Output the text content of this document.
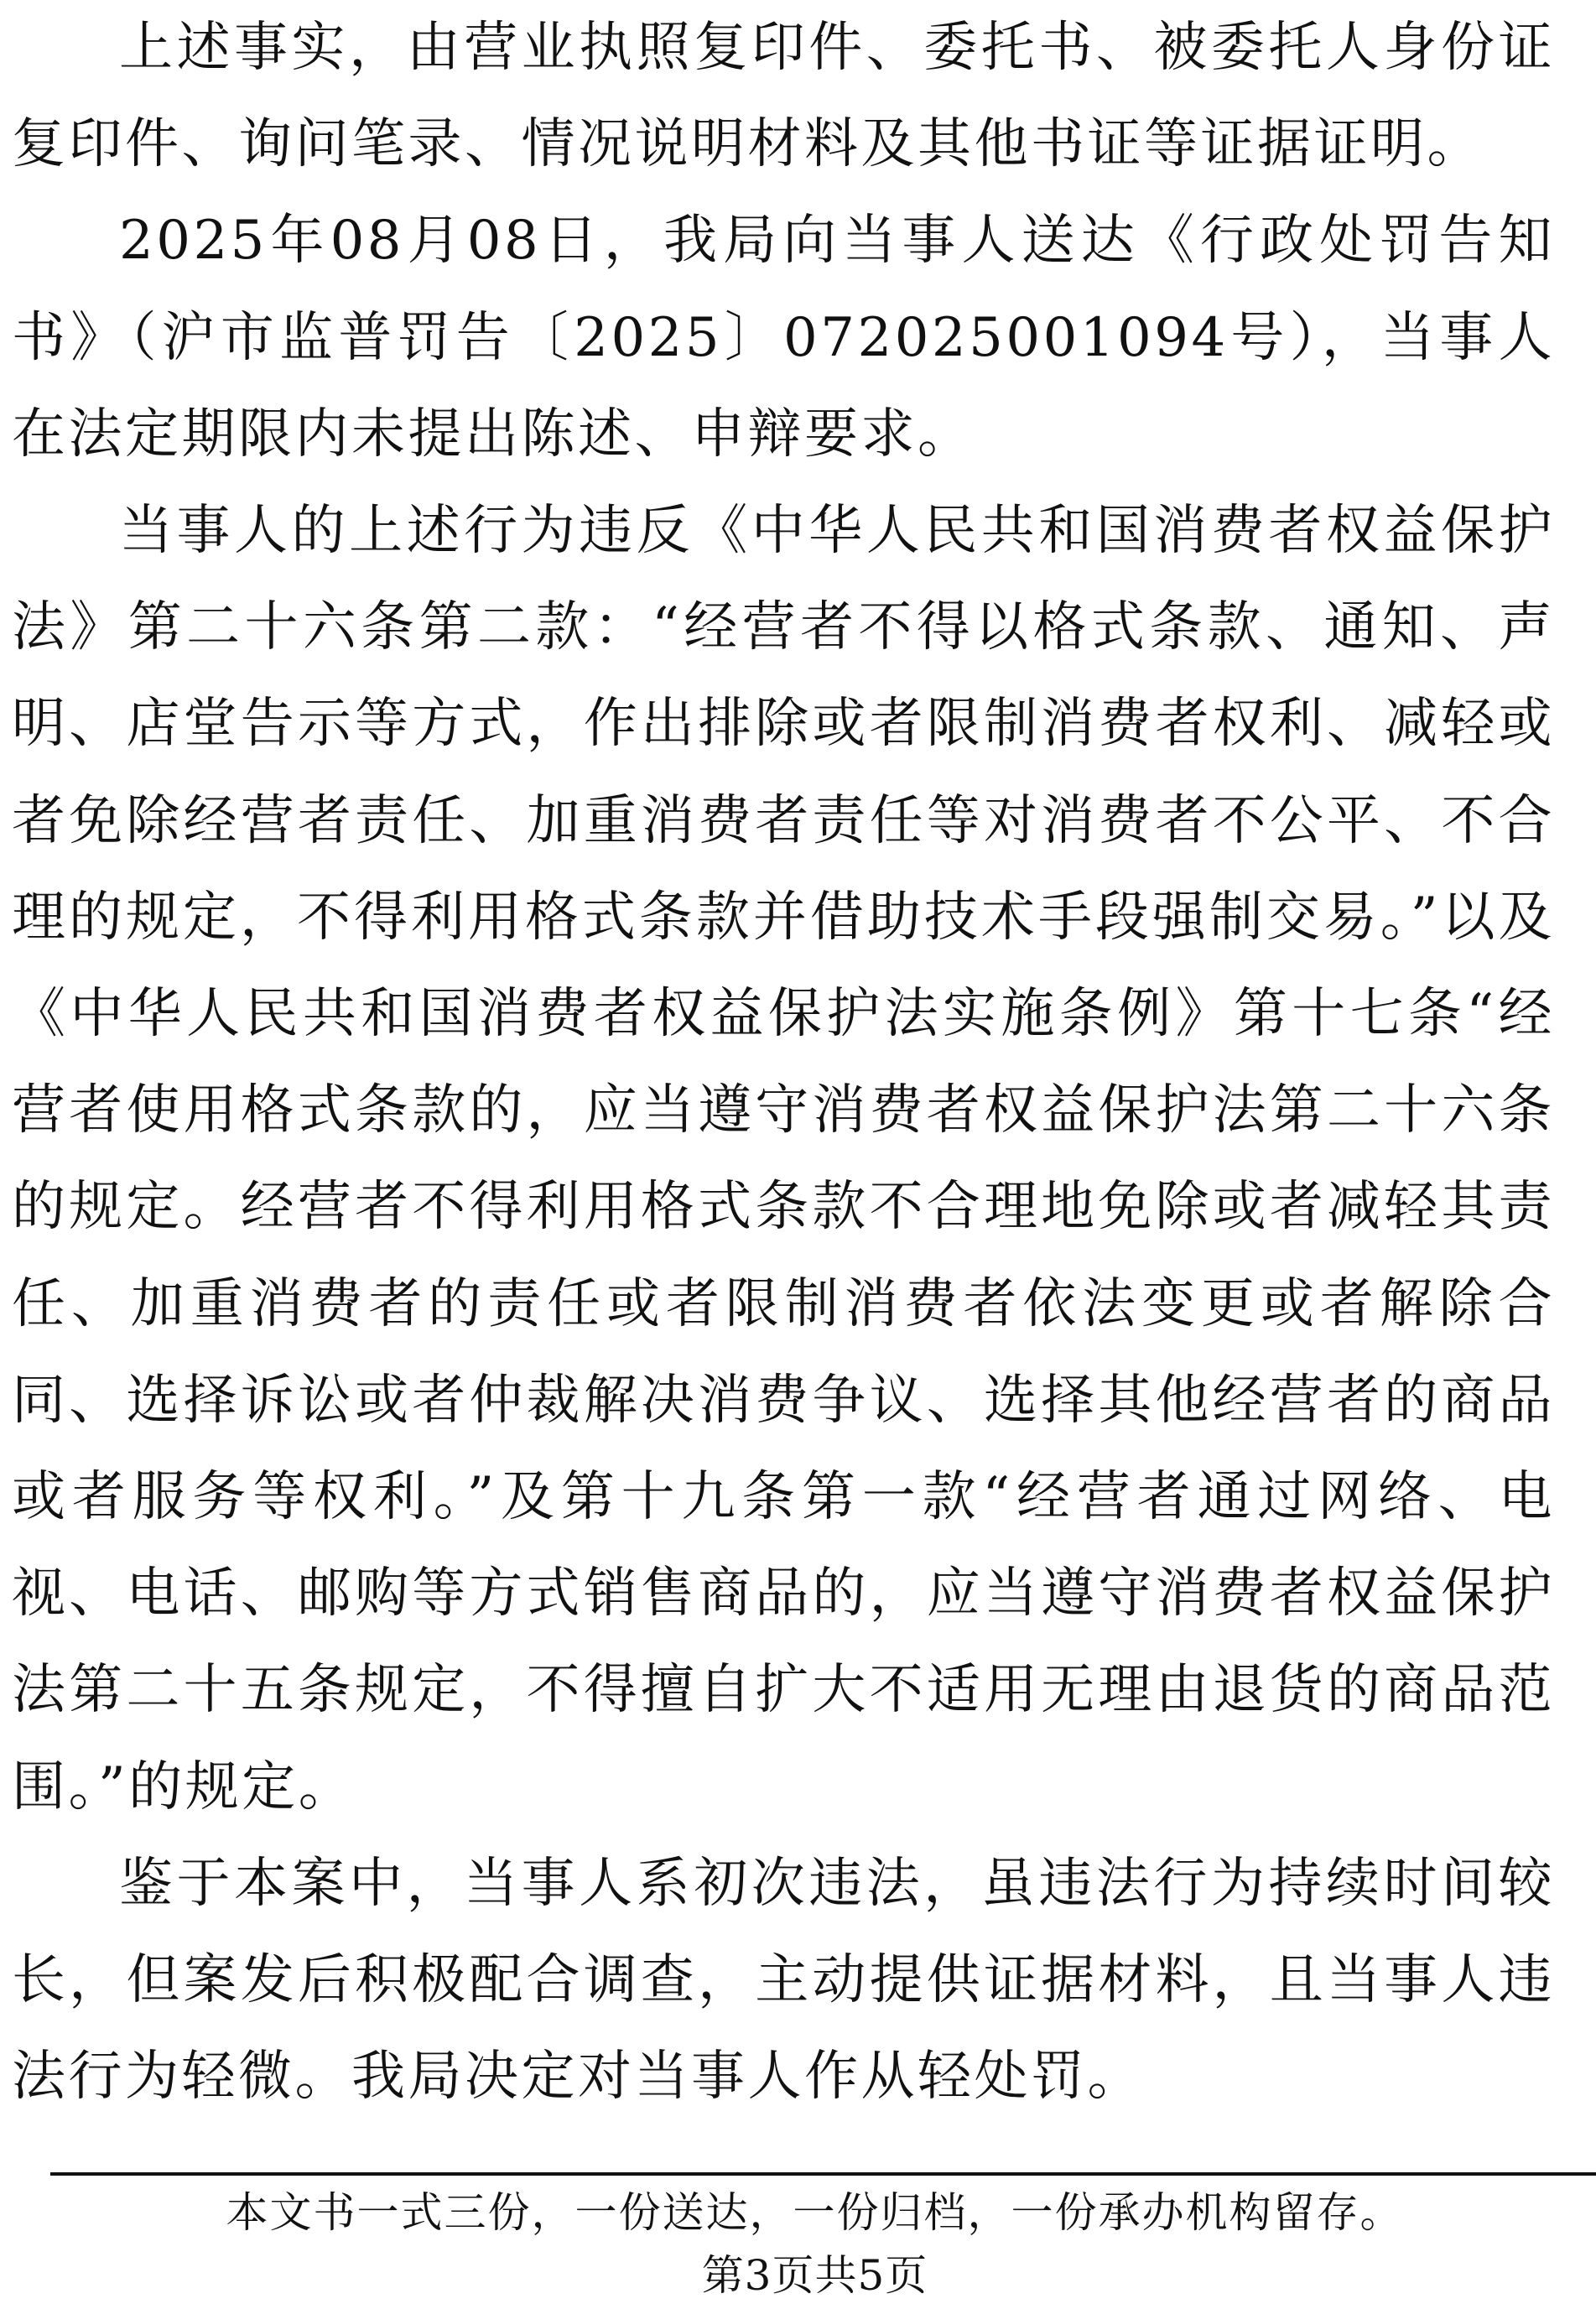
上述事实，由营业执照复印件、委托书、被委托人身份证复印件、询问笔录、情况说明材料及其他书证等证据证明。

2025年08月08日，我局向当事人送达《行政处罚告知书》（沪市监普罚告〔2025〕072025001094号），当事人在法定期限内未提出陈述、申辩要求。

当事人的上述行为违反《中华人民共和国消费者权益保护法》第二十六条第二款：“经营者不得以格式条款、通知、声明、店堂告示等方式，作出排除或者限制消费者权利、减轻或者免除经营者责任、加重消费者责任等对消费者不公平、不合理的规定，不得利用格式条款并借助技术手段强制交易。”以及《中华人民共和国消费者权益保护法实施条例》第十七条“经营者使用格式条款的，应当遵守消费者权益保护法第二十六条的规定。经营者不得利用格式条款不合理地免除或者减轻其责任、加重消费者的责任或者限制消费者依法变更或者解除合同、选择诉讼或者仲裁解决消费争议、选择其他经营者的商品或者服务等权利。”及第十九条第一款“经营者通过网络、电视、电话、邮购等方式销售商品的，应当遵守消费者权益保护法第二十五条规定，不得擅自扩大不适用无理由退货的商品范围。”的规定。

鉴于本案中，当事人系初次违法，虽违法行为持续时间较长，但案发后积极配合调查，主动提供证据材料，且当事人违法行为轻微。我局决定对当事人作从轻处罚。

本文书一式三份，一份送达，一份归档，一份承办机构留存。
第3页共5页
